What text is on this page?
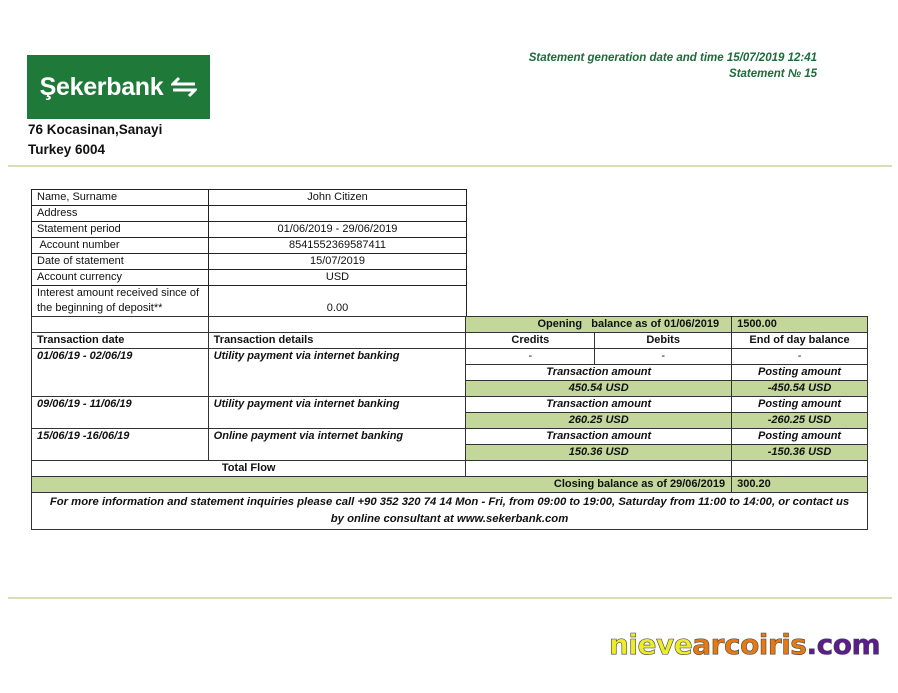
Şekerbank
76 Kocasinan,Sanayi
Turkey 6004
Statement generation date and time 15/07/2019 12:41
Statement № 15
Name, Surname	John Citizen
Address	
Statement period	01/06/2019 - 29/06/2019
Account number	8541552369587411
Date of statement	15/07/2019
Account currency	USD
Interest amount received since of the beginning of deposit**	0.00
		Opening   balance as of 01/06/2019		1500.00
Transaction date	Transaction details	Credits	Debits	End of day balance
01/06/19 - 02/06/19	Utility payment via internet banking	-	-	-
		Transaction amount		Posting amount
		450.54 USD		-450.54 USD
09/06/19 - 11/06/19	Utility payment via internet banking	Transaction amount		Posting amount
		260.25 USD		-260.25 USD
15/06/19 -16/06/19	Online payment via internet banking	Transaction amount		Posting amount
		150.36 USD		-150.36 USD
Total Flow				
Closing balance as of 29/06/2019				300.20
For more information and statement inquiries please call +90 352 320 74 14 Mon - Fri, from 09:00 to 19:00, Saturday from 11:00 to 14:00, or contact us by online consultant at www.sekerbank.com				
nievearcoiris.com
